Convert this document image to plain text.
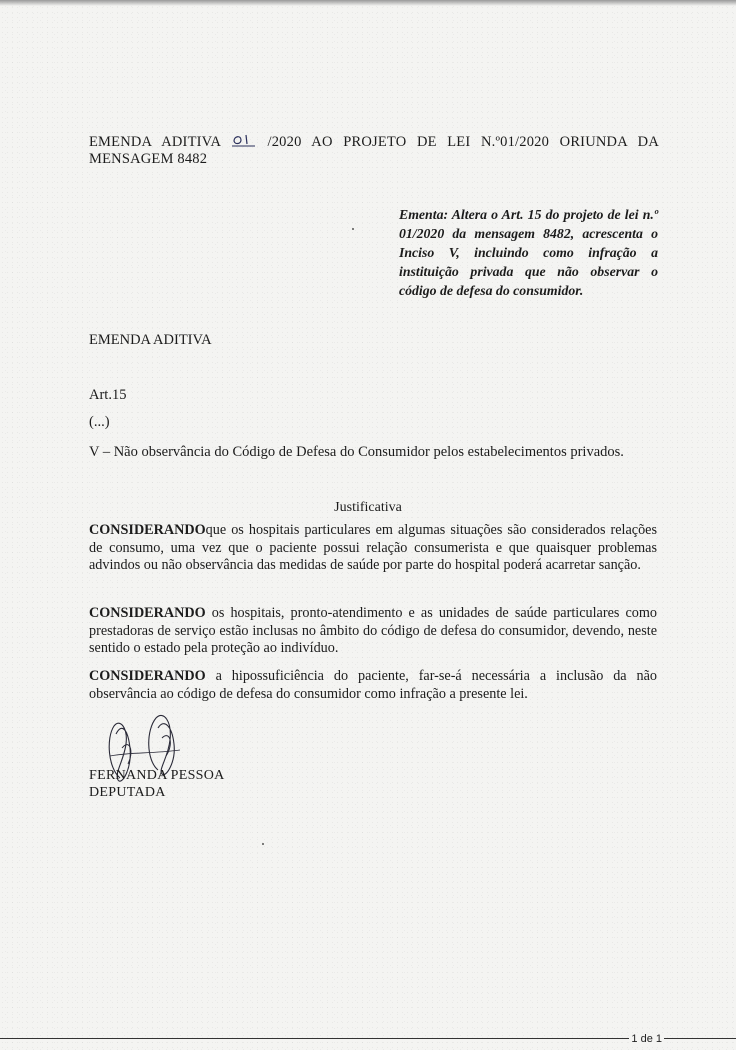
EMENDA ADITIVA	/2020 AO PROJETO DE LEI N.º01/2020 ORIUNDA DA
MENSAGEM 8482
Ementa: Altera o Art. 15 do projeto de lei n.º 01/2020 da mensagem 8482, acrescenta o Inciso V, incluindo como infração a instituição privada que não observar o código de defesa do consumidor.
EMENDA ADITIVA
Art.15
(...)
V – Não observância do Código de Defesa do Consumidor pelos estabelecimentos privados.
Justificativa
CONSIDERANDOque os hospitais particulares em algumas situações são considerados relações de consumo, uma vez que o paciente possui relação consumerista e que quaisquer problemas advindos ou não observância das medidas de saúde por parte do hospital poderá acarretar sanção.
CONSIDERANDO os hospitais, pronto-atendimento e as unidades de saúde particulares como prestadoras de serviço estão inclusas no âmbito do código de defesa do consumidor, devendo, neste sentido o estado pela proteção ao indivíduo.
CONSIDERANDO a hipossuficiência do paciente, far-se-á necessária a inclusão da não observância ao código de defesa do consumidor como infração a presente lei.
FERNANDA PESSOA
DEPUTADA
1 de 1
